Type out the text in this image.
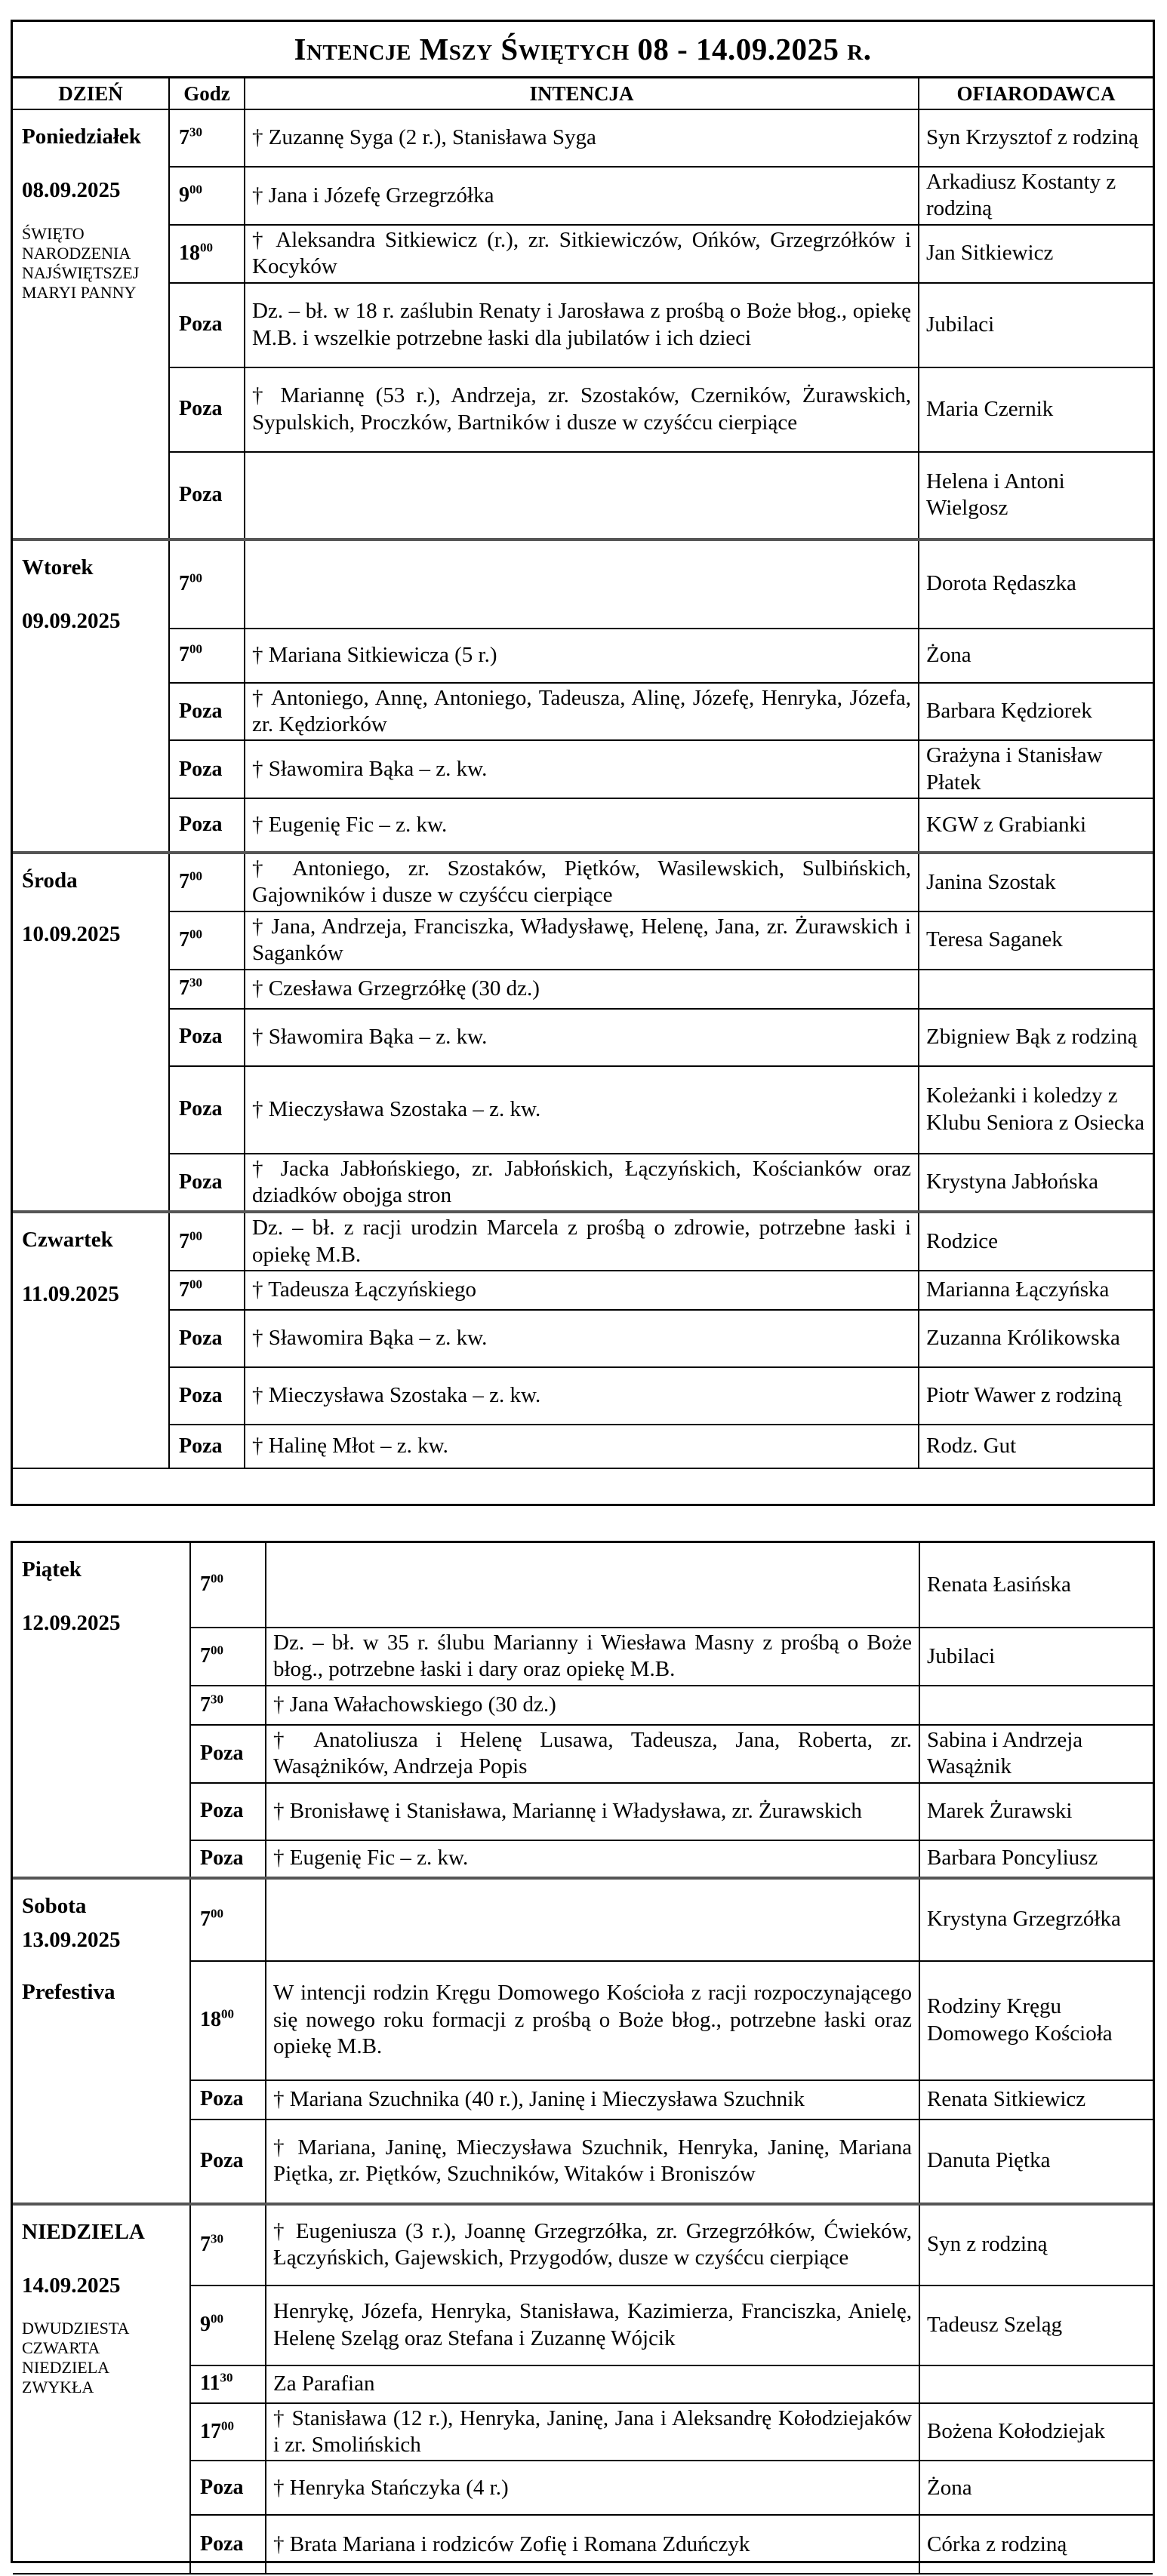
Intencje Mszy Świętych 08 - 14.09.2025 r.
DZIEŃ	Godz	INTENCJA	OFIARODAWCA

Poniedziałek
08.09.2025
ŚWIĘTO NARODZENIA NAJŚWIĘTSZEJ MARYI PANNY	$7^{30}$	† Zuzannę Syga (2 r.), Stanisława Syga	Syn Krzysztof z rodziną
	$9^{00}$	† Jana i Józefę Grzegrzółka	Arkadiusz Kostanty z rodziną
	$18^{00}$	† Aleksandra Sitkiewicz (r.), zr. Sitkiewiczów, Ońków, Grzegrzółków i Kocyków	Jan Sitkiewicz
	Poza	Dz. – bł. w 18 r. zaślubin Renaty i Jarosława z prośbą o Boże błog., opiekę M.B. i wszelkie potrzebne łaski dla jubilatów i ich dzieci	Jubilaci
	Poza	† Mariannę (53 r.), Andrzeja, zr. Szostaków, Czerników, Żurawskich, Sypulskich, Proczków, Bartników i dusze w czyśćcu cierpiące	Maria Czernik
	Poza		Helena i Antoni Wielgosz

Wtorek
09.09.2025	$7^{00}$		Dorota Rędaszka
	$7^{00}$	† Mariana Sitkiewicza (5 r.)	Żona
	Poza	† Antoniego, Annę, Antoniego, Tadeusza, Alinę, Józefę, Henryka, Józefa, zr. Kędziorków	Barbara Kędziorek
	Poza	† Sławomira Bąka – z. kw.	Grażyna i Stanisław Płatek
	Poza	† Eugenię Fic – z. kw.	KGW z Grabianki

Środa
10.09.2025	$7^{00}$	† Antoniego, zr. Szostaków, Piętków, Wasilewskich, Sulbińskich, Gajowników i dusze w czyśćcu cierpiące	Janina Szostak
	$7^{00}$	† Jana, Andrzeja, Franciszka, Władysławę, Helenę, Jana, zr. Żurawskich i Saganków	Teresa Saganek
	$7^{30}$	† Czesława Grzegrzółkę (30 dz.)	
	Poza	† Sławomira Bąka – z. kw.	Zbigniew Bąk z rodziną
	Poza	† Mieczysława Szostaka – z. kw.	Koleżanki i koledzy z Klubu Seniora z Osiecka
	Poza	† Jacka Jabłońskiego, zr. Jabłońskich, Łączyńskich, Kościanków oraz dziadków obojga stron	Krystyna Jabłońska

Czwartek
11.09.2025	$7^{00}$	Dz. – bł. z racji urodzin Marcela z prośbą o zdrowie, potrzebne łaski i opiekę M.B.	Rodzice
	$7^{00}$	† Tadeusza Łączyńskiego	Marianna Łączyńska
	Poza	† Sławomira Bąka – z. kw.	Zuzanna Królikowska
	Poza	† Mieczysława Szostaka – z. kw.	Piotr Wawer z rodziną
	Poza	† Halinę Młot – z. kw.	Rodz. Gut
Piątek
12.09.2025	$7^{00}$		Renata Łasińska
	$7^{00}$	Dz. – bł. w 35 r. ślubu Marianny i Wiesława Masny z prośbą o Boże błog., potrzebne łaski i dary oraz opiekę M.B.	Jubilaci
	$7^{30}$	† Jana Wałachowskiego (30 dz.)	
	Poza	† Anatoliusza i Helenę Lusawa, Tadeusza, Jana, Roberta, zr. Wasążników, Andrzeja Popis	Sabina i Andrzeja Wasążnik
	Poza	† Bronisławę i Stanisława, Mariannę i Władysława, zr. Żurawskich	Marek Żurawski
	Poza	† Eugenię Fic – z. kw.	Barbara Poncyliusz

Sobota
13.09.2025
Prefestiva	$7^{00}$		Krystyna Grzegrzółka
	$18^{00}$	W intencji rodzin Kręgu Domowego Kościoła z racji rozpoczynającego się nowego roku formacji z prośbą o Boże błog., potrzebne łaski oraz opiekę M.B.	Rodziny Kręgu Domowego Kościoła
	Poza	† Mariana Szuchnika (40 r.), Janinę i Mieczysława Szuchnik	Renata Sitkiewicz
	Poza	† Mariana, Janinę, Mieczysława Szuchnik, Henryka, Janinę, Mariana Piętka, zr. Piętków, Szuchników, Witaków i Broniszów	Danuta Piętka

NIEDZIELA
14.09.2025
DWUDZIESTA CZWARTA NIEDZIELA ZWYKŁA	$7^{30}$	† Eugeniusza (3 r.), Joannę Grzegrzółka, zr. Grzegrzółków, Ćwieków, Łączyńskich, Gajewskich, Przygodów, dusze w czyśćcu cierpiące	Syn z rodziną
	$9^{00}$	Henrykę, Józefa, Henryka, Stanisława, Kazimierza, Franciszka, Anielę, Helenę Szeląg oraz Stefana i Zuzannę Wójcik	Tadeusz Szeląg
	$11^{30}$	Za Parafian	
	$17^{00}$	† Stanisława (12 r.), Henryka, Janinę, Jana i Aleksandrę Kołodziejaków i zr. Smolińskich	Bożena Kołodziejak
	Poza	† Henryka Stańczyka (4 r.)	Żona
	Poza	† Brata Mariana i rodziców Zofię i Romana Zduńczyk	Córka z rodziną
